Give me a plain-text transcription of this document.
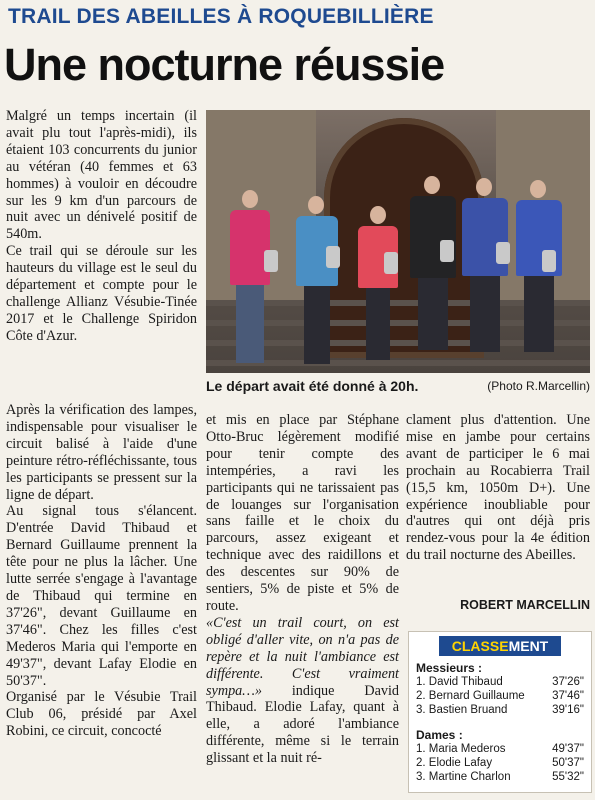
TRAIL DES ABEILLES À ROQUEBILLIÈRE
Une nocturne réussie

Malgré un temps incertain (il avait plu tout l'après-midi), ils étaient 103 concurrents du junior au vétéran (40 femmes et 63 hommes) à vouloir en découdre sur les 9 km d'un parcours de nuit avec un dénivelé positif de 540m.

Ce trail qui se déroule sur les hauteurs du village est le seul du département et compte pour le challenge Allianz Vésubie-Tinée 2017 et le Challenge Spiridon Côte d'Azur.

Le départ avait été donné à 20h.	(Photo R.Marcellin)

Après la vérification des lampes, indispensable pour visualiser le circuit balisé à l'aide d'une peinture rétro-réfléchissante, tous les participants se pressent sur la ligne de départ.

Au signal tous s'élancent. D'entrée David Thibaud et Bernard Guillaume prennent la tête pour ne plus la lâcher. Une lutte serrée s'engage à l'avantage de Thibaud qui termine en 37'26", devant Guillaume en 37'46". Chez les filles c'est Mederos Maria qui l'emporte en 49'37", devant Lafay Elodie en 50'37".

Organisé par le Vésubie Trail Club 06, présidé par Axel Robini, ce circuit, concocté

et mis en place par Stéphane Otto-Bruc légèrement modifié pour tenir compte des intempéries, a ravi les participants qui ne tarissaient pas de louanges sur l'organisation sans faille et le choix du parcours, assez exigeant et technique avec des raidillons et des descentes sur 90% de sentiers, 5% de piste et 5% de route.

«C'est un trail court, on est obligé d'aller vite, on n'a pas de repère et la nuit l'ambiance est différente. C'est vraiment sympa…» indique David Thibaud. Elodie Lafay, quant à elle, a adoré l'ambiance différente, même si le terrain glissant et la nuit ré-

clament plus d'attention. Une mise en jambe pour certains avant de participer le 6 mai prochain au Rocabierra Trail (15,5 km, 1050m D+). Une expérience inoubliable pour d'autres qui ont déjà pris rendez-vous pour la 4e édition du trail nocturne des Abeilles.

ROBERT MARCELLIN
CLASSEMENT
Messieurs :
1. David Thibaud	37'26"
2. Bernard Guillaume 37'46"
3. Bastien Bruand	39'16"
Dames :
1. Maria Mederos	49'37"
2. Elodie Lafay	50'37"
3. Martine Charlon	55'32"
